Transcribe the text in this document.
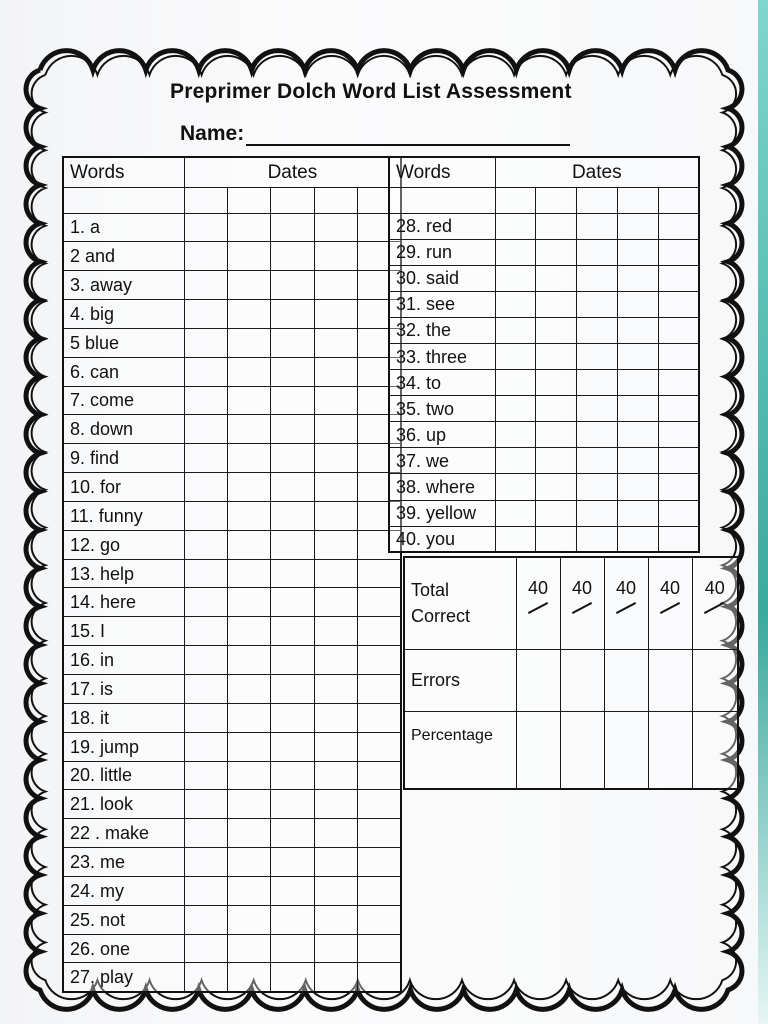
Preprimer Dolch Word List Assessment
Name:
Words	Dates				

1. a					
2 and					
3. away					
4. big					
5 blue					
6. can					
7. come					
8. down					
9. find					
10. for					
11. funny					
12. go					
13. help					
14. here					
15. I					
16. in					
17. is					
18. it					
19. jump					
20. little					
21. look					
22 . make					
23. me					
24. my					
25. not					
26. one					
27. play					
Words	Dates				

28. red					
29. run					
30. said					
31. see					
32. the					
33. three					
34. to					
35. two					
36. up					
37. we					
38. where					
39. yellow					
40. you					
Total
Correct	40	40	40	40	40

Errors					
Percentage					
